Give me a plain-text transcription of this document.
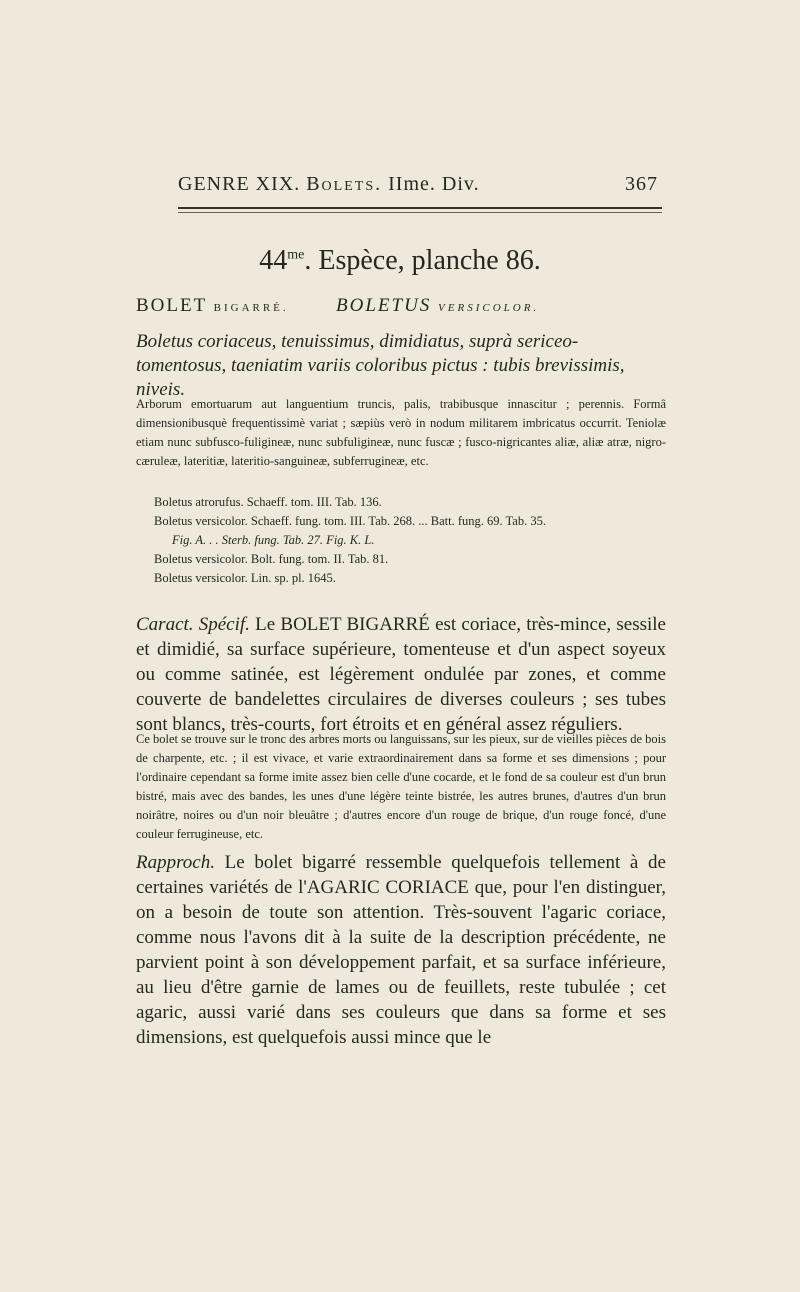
GENRE XIX. Bolets. IIme. Div.	367
$44^{me}$. Espèce, planche 86.
BOLET BIGARRÉ. BOLETUS VERSICOLOR.
Boletus coriaceus, tenuissimus, dimidiatus, suprà sericeo-tomentosus, taeniatim variis coloribus pictus : tubis brevissimis, niveis.
Arborum emortuarum aut languentium truncis, palis, trabibusque innascitur ; perennis. Formâ dimensionibusquè frequentissimè variat ; sæpiùs verò in nodum militarem imbricatus occurrit. Teniolæ etiam nunc subfusco-fuligineæ, nunc subfuligineæ, nunc fuscæ ; fusco-nigricantes aliæ, aliæ atræ, nigro-cæruleæ, lateritiæ, lateritio-sanguineæ, subferrugineæ, etc.
Boletus atrorufus. Schaeff. tom. III. Tab. 136.
Boletus versicolor. Schaeff. fung. tom. III. Tab. 268. ... Batt. fung. 69. Tab. 35.
Fig. A. . . Sterb. fung. Tab. 27. Fig. K. L.
Boletus versicolor. Bolt. fung. tom. II. Tab. 81.
Boletus versicolor. Lin. sp. pl. 1645.
Caract. Spécif. Le BOLET BIGARRÉ est coriace, très-mince, sessile et dimidié, sa surface supérieure, tomenteuse et d'un aspect soyeux ou comme satinée, est légèrement ondulée par zones, et comme couverte de bandelettes circulaires de diverses couleurs ; ses tubes sont blancs, très-courts, fort étroits et en général assez réguliers.
Ce bolet se trouve sur le tronc des arbres morts ou languissans, sur les pieux, sur de vieilles pièces de bois de charpente, etc. ; il est vivace, et varie extraordinairement dans sa forme et ses dimensions ; pour l'ordinaire cependant sa forme imite assez bien celle d'une cocarde, et le fond de sa couleur est d'un brun bistré, mais avec des bandes, les unes d'une légère teinte bistrée, les autres brunes, d'autres d'un brun noirâtre, noires ou d'un noir bleuâtre ; d'autres encore d'un rouge de brique, d'un rouge foncé, d'une couleur ferrugineuse, etc.
Rapproch. Le bolet bigarré ressemble quelquefois tellement à de certaines variétés de l'AGARIC CORIACE que, pour l'en distinguer, on a besoin de toute son attention. Très-souvent l'agaric coriace, comme nous l'avons dit à la suite de la description précédente, ne parvient point à son développement parfait, et sa surface inférieure, au lieu d'être garnie de lames ou de feuillets, reste tubulée ; cet agaric, aussi varié dans ses couleurs que dans sa forme et ses dimensions, est quelquefois aussi mince que le
